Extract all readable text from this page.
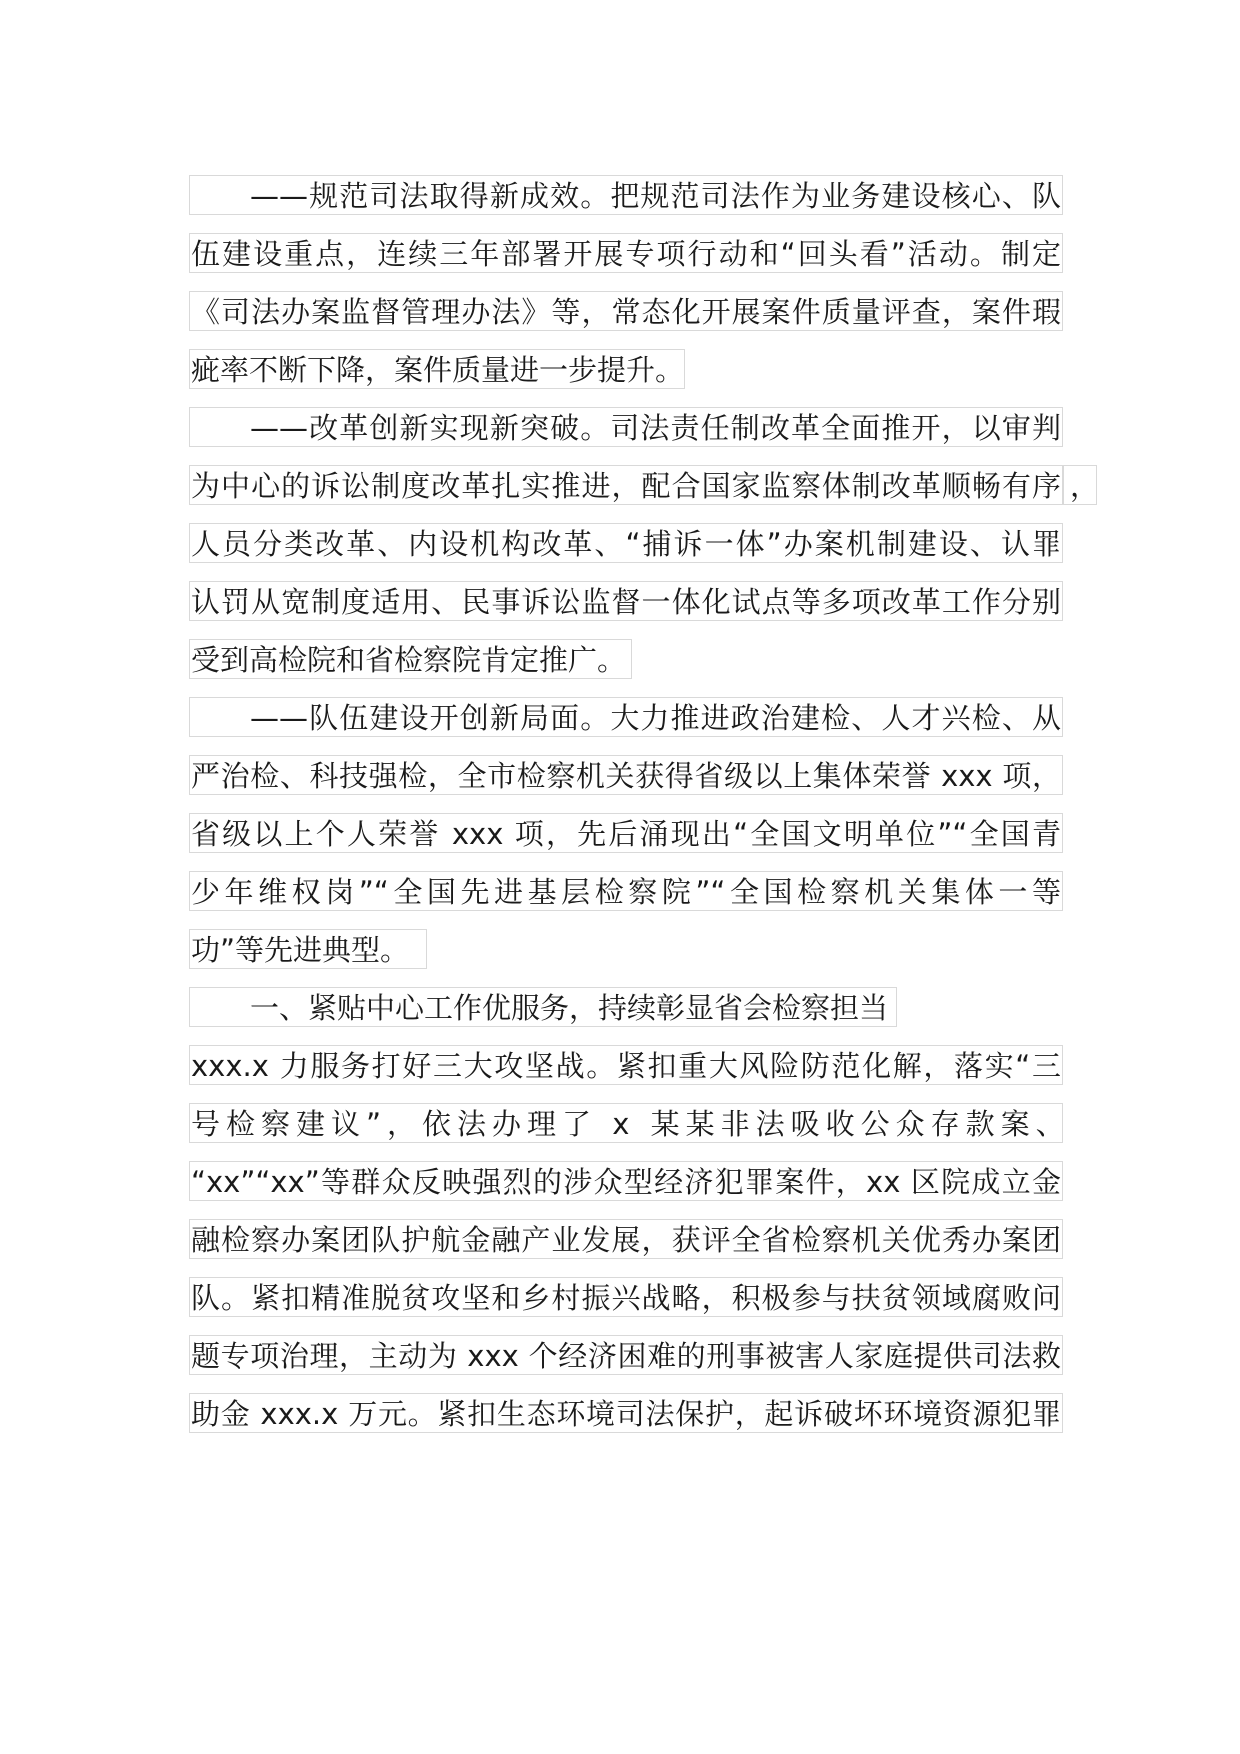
——规范司法取得新成效。把规范司法作为业务建设核心、队
伍建设重点，连续三年部署开展专项行动和“回头看”活动。制定
《司法办案监督管理办法》等，常态化开展案件质量评查，案件瑕
疵率不断下降，案件质量进一步提升。
——改革创新实现新突破。司法责任制改革全面推开，以审判
为中心的诉讼制度改革扎实推进，配合国家监察体制改革顺畅有序 ，
人员分类改革、内设机构改革、“捕诉一体”办案机制建设、认罪
认罚从宽制度适用、民事诉讼监督一体化试点等多项改革工作分别
受到高检院和省检察院肯定推广。
——队伍建设开创新局面。大力推进政治建检、人才兴检、从
严治检、科技强检，全市检察机关获得省级以上集体荣誉 xxx 项，
省级以上个人荣誉 xxx 项，先后涌现出“全国文明单位”“全国青
少年维权岗”“全国先进基层检察院”“全国检察机关集体一等
功”等先进典型。
一、紧贴中心工作优服务，持续彰显省会检察担当
xxx.x 力服务打好三大攻坚战。紧扣重大风险防范化解，落实“三
号检察建议”，依法办理了 x 某某非法吸收公众存款案、
“xx”“xx”等群众反映强烈的涉众型经济犯罪案件，xx 区院成立金
融检察办案团队护航金融产业发展，获评全省检察机关优秀办案团
队。紧扣精准脱贫攻坚和乡村振兴战略，积极参与扶贫领域腐败问
题专项治理，主动为 xxx 个经济困难的刑事被害人家庭提供司法救
助金 xxx.x 万元。紧扣生态环境司法保护，起诉破坏环境资源犯罪
